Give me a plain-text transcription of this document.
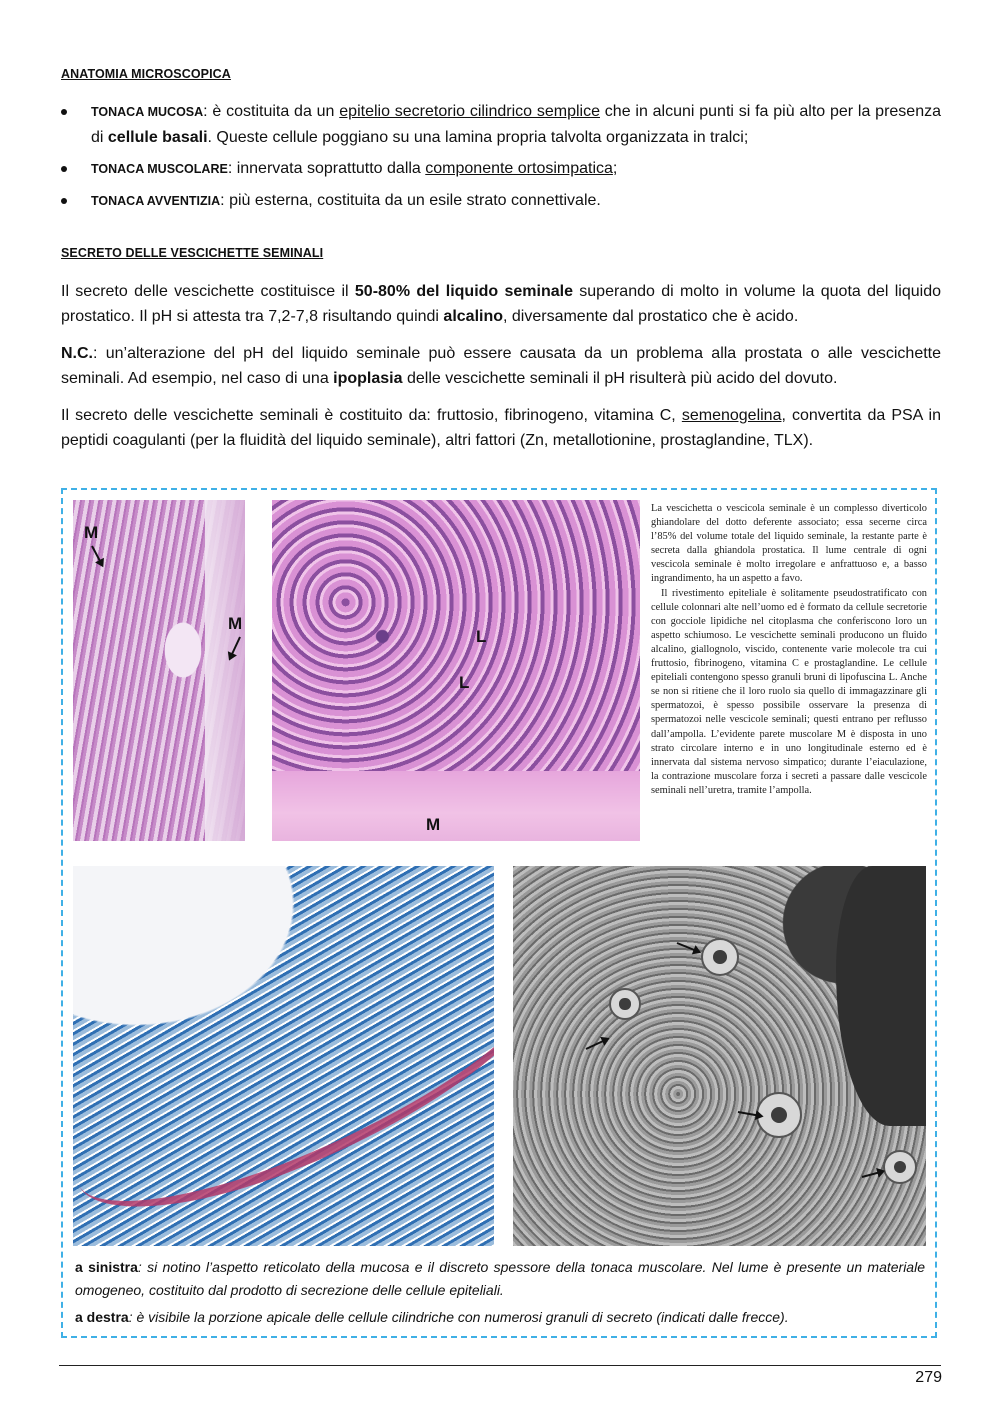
ANATOMIA MICROSCOPICA
TONACA MUCOSA: è costituita da un epitelio secretorio cilindrico semplice che in alcuni punti si fa più alto per la presenza di cellule basali. Queste cellule poggiano su una lamina propria talvolta organizzata in tralci;
TONACA MUSCOLARE: innervata soprattutto dalla componente ortosimpatica;
TONACA AVVENTIZIA: più esterna, costituita da un esile strato connettivale.
SECRETO DELLE VESCICHETTE SEMINALI

Il secreto delle vescichette costituisce il 50-80% del liquido seminale superando di molto in volume la quota del liquido prostatico. Il pH si attesta tra 7,2-7,8 risultando quindi alcalino, diversamente dal prostatico che è acido.

N.C.: un’alterazione del pH del liquido seminale può essere causata da un problema alla prostata o alle vescichette seminali. Ad esempio, nel caso di una ipoplasia delle vescichette seminali il pH risulterà più acido del dovuto.

Il secreto delle vescichette seminali è costituito da: fruttosio, fibrinogeno, vitamina C, semenogelina, convertita da PSA in peptidi coagulanti (per la fluidità del liquido seminale), altri fattori (Zn, metallotionine, prostaglandine, TLX).

M
M
L
L
M
La vescichetta o vescicola seminale è un complesso diverticolo ghiandolare del dotto deferente associato; essa secerne circa l’85% del volume totale del liquido seminale, la restante parte è secreta dalla ghiandola prostatica. Il lume centrale di ogni vescicola seminale è molto irregolare e anfrattuoso e, a basso ingrandimento, ha un aspetto a favo.
Il rivestimento epiteliale è solitamente pseudostratificato con cellule colonnari alte nell’uomo ed è formato da cellule secretorie con gocciole lipidiche nel citoplasma che conferiscono loro un aspetto schiumoso. Le vescichette seminali producono un fluido alcalino, giallognolo, viscido, contenente varie molecole tra cui fruttosio, fibrinogeno, vitamina C e prostaglandine. Le cellule epiteliali contengono spesso granuli bruni di lipofuscina L. Anche se non si ritiene che il loro ruolo sia quello di immagazzinare gli spermatozoi, è spesso possibile osservare la presenza di spermatozoi nelle vescicole seminali; questi entrano per reflusso dall’ampolla. L’evidente parete muscolare M è disposta in uno strato circolare interno e in uno longitudinale esterno ed è innervata dal sistema nervoso simpatico; durante l’eiaculazione, la contrazione muscolare forza i secreti a passare dalle vescicole seminali nell’uretra, tramite l’ampolla.

a sinistra: si notino l’aspetto reticolato della mucosa e il discreto spessore della tonaca muscolare. Nel lume è presente un materiale omogeneo, costituito dal prodotto di secrezione delle cellule epiteliali.

a destra: è visibile la porzione apicale delle cellule cilindriche con numerosi granuli di secreto (indicati dalle frecce).

279
